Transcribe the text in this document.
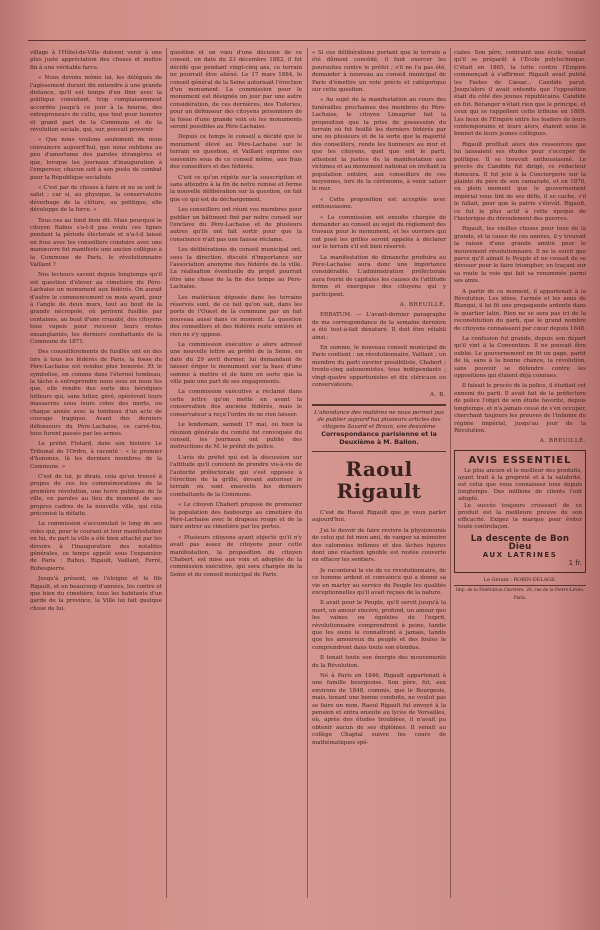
village à l'Hôtel-de-Ville doivent venir à une plus juste appréciation des choses et mettre fin à une véritable farce.

« Nous devons même lui, les délégués de l'agissement durant dix entendre à une grande distance, qu'il est temps d'en finir avec la politique consistant, trop complaisamment accordée jusqu'à ce jour à la bourse, des entrepreneurs de culte, que tout pour honorer et grand part de la Commune et de la révolution sociale, qui, sur, pouvait provenir.

« Que nous voulons seulement de nous convaincre aujourd'hui, que nous oublions au peu d'amertume des paroles étrangères et que, lorsque les journaux d'inauguration à l'empereur, chacun soit à son poste de combat pour la République socialiste.

« C'est par de choses à faire et ne se soit le salut ; car si, au physique, la conservatoire déverbage de la clôture, au politique, elle développe de la force. »

Tous ces au fond bien dit. Mais pourquoi le citoyen Rabus s'a-t-il pas voulu ces lignes pendant la période électorale et n'a-t-il laissé en fous avec les conseillers conduire avec une manœuvre fut manifeste une ancien collègue à la Commune de Paris, le révolutionnaire Vaillant ?

Nos lecteurs savent depuis longtemps qu'il est question d'élever au cimetière du Père-Lachaise un monument aux fédérés. On aurait d'autre le commencement ce mois ayant, pour à l'angle de deux murs, tout au bout de la grande nécropole, où périrent fusillés par centaines, au bout d'une cruauté, des citoyens tous vupeis pour recevoir leurs restes ensanglantés, les derniers combattants de la Commune de 1871.

Des conseillèrements de fusillés ont en des lors à tous les fédérés de Paris, la fosse du Père-Lachaise est rendue plus honorée. Et le symbolise, en comme dans l'éternel tombeau, la tâche à entreprendre nous sous en nous les que, elle rendre des sorts des héroïques lutteurs qui, sans lutter, géré, opérèrent leurs massacres sous leurs cotes des morts, ou chaque année avec la tombeau d'un acte de courage tragique. Avant des derniers défenseurs du Père-Lachaise, ce carré-fou, tous furent passés par les armes.

Le préfet Flotard, dans son histoire Le Tribunal de l'Ordre, à raconté : « le premier d'hommes, là les derniers membres de la Commune. »

C'est de lui, je dirais, cela qu'on trouvé à propos de ces les commémorations de la première révolution, une terre publique de la ville, en paroles au lieu du moment de ses propres cadres de la nouvelle ville, qui cela préconisé la défaite.

La commission s'accumulait le long de ses voies qui, pour le courant et leur manifestation en lui, de part la ville a été bien attaché par les devoirs à l'inauguration des notables générales, ce temps appelé sous l'expansion de Paris : Rabus, Rigault, Vaillant, Ferré, Robespierre.

Jusqu'à présent, on l'éloigne et le fils Rigault, et en beaucoup d'années, les contre et que bien du cimetière, tous les habitants d'un garde de la province, la Ville lui fait quelque chose de lui.

question et un vœu d'une décision de ce conseil, en date du 23 décembre 1882, il fut décidé que pendant vingt-cinq ans, ce terrain ne pourrait être aliéné. Le 17 mars 1884, le conseil général de la Seine autorisait l'érection d'un monument. La commission pour le monument est désignée un jour par une autre considération, de ces dernières, des Tuileries, pour un défenseur des citoyens prisonniers de la fosse d'une grande voix où les monuments seront possibles au Père-Lachaise.

Depuis ce temps le conseil a décidé que le monument élevé au Père-Lachaise sur le terrain en question, et Vaillant exprime ces souvenirs sous de ce conseil même, aux frais des conseillers et des fédérés.

C'est ce qu'on répète sur la souscription et sans attendre à la fin de notre remise et ferme la nouvelle délibération sur la question, on fait que ce qui est du déchargement.

Les conseillers ont réuni vos membres pour publier un bâtiment fixé par notre conseil sur l'enclave du Père-Lachaise et de plusieurs autres qu'ils ont fait sortir pour que la conscience n'ait pas une fausse réclame.

Les délibérations du conseil municipal ont, sous la direction, discuté d'importance sur l'association anonyme des fédérés de la ville. La réalisation éventuelle du projet pourrait être une chose de la fin des temps au Père-Lachaise.

Les matériaux déposés dans les terrains réservés sont, de ce fait qu'on sait, dans les ports de l'Ouest de la commune par un fait nouveau aussi dans ce moment. La question des conseillers et des fédérés reste entière et rien ne s'y oppose.

La commission exécutive a alors adressé une nouvelle lettre au préfet de la Seine, en date du 29 avril dernier, lui demandant de laisser ériger le monument sur la base d'une somme à mettre et de faire en sorte que la ville paie une part de ses engagements.

La commission exécutive a réclamé dans cette lettre qu'on mette en avant la conservation des anciens fédérés, mais le conservateur a reçu l'ordre de ne rien laisser.

Le lendemain, samedi 17 mai, ou bien la réunion générale du comité fut convoquée du conseil, les journaux ont publié des instructions de M. le préfet de police.

L'avis du préfet qui est la discussion sur l'attitude qu'il convient de prendre vis-à-vis de l'autorité préfectorale qui s'est opposée à l'érection de la grille, devant autoriser le terrain où sont ensevelis les derniers combattants de la Commune.

« Le citoyen Chabert propose de promener la population des faubourgs au cimetière du Père-Lachaise avec le drapeau rouge et de la faire entrer au cimetière par les portes.

« Plusieurs citoyens ayant objecté qu'il n'y avait pas assez de citoyens pour cette manifestation, la proposition du citoyen Chabert, est mise aux voix et adoptée de la commission exécutive, qui sera chargée de la Seine et du conseil municipal de Paris.

« Si ces délibérations portant que le terrain a été dûment concédé, il faut exercer les poursuites contre le préfet ; s'il ne l'a pas été, demander à nouveau au conseil municipal de Paris d'émettre un vote précis et catégorique sur cette question.

« Au sujet de la manifestation au cours des funérailles prochaines des membres du Père-Lachaise, le citoyen Limagrier fait la proposition que la prise de possession du terrain où fut fusillé les derniers fédérés par une ou plusieurs et de la sorte que la majorité des conseillers, rende les honneurs au mur et que les citoyens, quel que soit le parti, attestent la justice de la manifestation aux victimes et au monument national en invitant la population entière, aux conseillers de ces moyennes, lors de la cérémonie, à venir saluer le mur.

« Cette proposition est acceptée avec enthousiasme.

« La commission est ensuite chargée de demander au conseil au sujet du règlement des travaux pour le monument, et les ouvriers qui ont posé les grilles seront appelés à déclarer sur le terrain s'il est bien réservé.

La manifestation de dimanche produira au Père-Lachaise aura donc une importance considérable. L'administration préfectorale aura fourni de capitales les causes de l'attitude ferme et énergique des citoyens qui y participent.

A. BREUILLÉ.

ERRATUM. — L'avant-dernier paragraphe de ma correspondance de la semaine dernière a été tout-à-fait dénaturé. Il doit être rétabli ainsi :

En somme, le nouveau conseil municipal de Paris contient : un révolutionnaire, Vaillant ; un membre du parti ouvrier possibiliste, Chabert ; trente-cinq autonomistes, tous indépendants ; vingt-quatre opportunistes et dix cléricaux ou conservateurs.

A. B.
L'abondance des matières ne nous permet pas de publier aujourd'hui plusieurs articles des citoyens Savard et Braun, une deuxième Correspondance parisienne et la Deuxième à M. Ballon.
Raoul Rigault

C'est de Raoul Rigault que je veux parler aujourd'hui.

J'ai le devoir de faire revivre la physionomie de celui qui fut mon ami, de vanger sa mémoire des calomnies infâmes et des lâches injures dont une réaction ignoble est restée couverte en effacer les sentiers.

Je raconterai la vie de ce révolutionnaire, de ce homme ardent et convaincu qui a donné sa vie en martyr au service du Peuple les qualités exceptionnelles qu'il avait reçues de la nature.

Il avait pour le Peuple, qu'il servit jusqu'à la mort, un amour sincère, profond, un amour que les vaines ou égoïstes de l'esprit, révolutionnaire comprendront à peine, tandis que les siens le connaîtront à jamais, tandis que les amoureux du peuple et des foules le comprendront dans toute son étendue.

Il tenait toute son énergie des mouvements de la Révolution.

Né à Paris en 1846, Rigault appartenait à une famille bourgeoise. Son père, fut, aux environs de 1848, commis, que le Bourgeois, mais, tenant une bonne conduite, ne voulut pas se faire un nom. Raoul Rigault fut envoyé à la pension et entra ensuite au lycée de Versailles, où, après des études troublées, il n'avait pu obtenir aucun de ses diplômes. Il venait au collège Chaptal suivre les cours de mathématiques spé-

ciales. Son père, contraint une école, voulait qu'il se préparât à l'École polytechnique. C'était en 1865, la lutte contre l'Empire commençait à s'affirmer. Rigault avait publié les Fastes de Cæsar... Candide parut. Jusqu'alors il avait entendu que l'opposition était du côté des jeunes républicains. Candide en fut. Béranger n'était rien que le principe, et ceux qui se rappellent cette tribune en 1869. Les lieux de l'Empire entre les leaders de leurs contemporains et leurs alors, étaient sous le bonnet de leurs jeunes collègues.

Rigault profitait alors des ressources que lui laissaient ses études pour s'occuper de politique. Il se trouvait enthousiasmé. Le procès du Candide fut dirigé, ce rédacteur demeura. Il fut jeté à la Conciergerie sur la plainte du père de son camarade, et en 1870, en plein moment que le gouvernement impérial vous tint de ses défis, il se cache, s'il le fallait, pour que la patrie s'élevât. Rigault, ce fut le plus actif à cette époque de l'historique du déroulement des guerres.

Rigault, les vieilles choses pour tous de la grande, et la cause de ces années, il y trouvait la raison d'une grande amitié pour le mouvement révolutionnaire. Il ne le suivit que parce qu'il aimait le Peuple et ne cessait de se dévouer pour le faire triompher, en traçant sur sa route la voie qui fait sa renommée parmi ses amis.

A partir de ce moment, il appartenait à la Révolution. Les idées, l'armée et les amis de Blanqui, il lui fit une propagande ardente dans le quartier latin. Rien ne se sera pas ici de la reconstitution du parti, que le grand nombre de citoyens connaissent par cœur depuis 1848.

La confusion fut grande, depuis son départ qu'il vint à la Convention. Il ne pouvait être oublié. Le gouvernement en fit un gage, partit de là, sans à la bonne chance, la révolution, sans pouvoir se défendre contre les oppositions qui étaient déjà connues.

Il faisait le procès de la police, il étudiait cet ennemi du parti. Il avait fait de la préfecture de police l'objet de son étude favorite, depuis longtemps, et n'a jamais cessé de s'en occuper, cherchant toujours les preuves de l'infamie du régime impérial, jusqu'au jour de la Révolution.

A. BREUILLÉ.
AVIS ESSENTIEL
Le plus ancien et le meilleur des produits, ayant trait à la propreté et à la salubrité, est celui que vous connaissez tous depuis longtemps. Des millions de clients l'ont adopté.
Le succès toujours croissant de ce produit est la meilleure preuve de son efficacité. Exigez la marque pour éviter toute contrefaçon.
La descente de Bon Dieu
AUX LATRINES
1 fr.
Le Gérant : ROBIN-DELAGE.
Imp. de la Fédération Ouvrière, 26, rue de la Pierre-Lévée, Paris.
